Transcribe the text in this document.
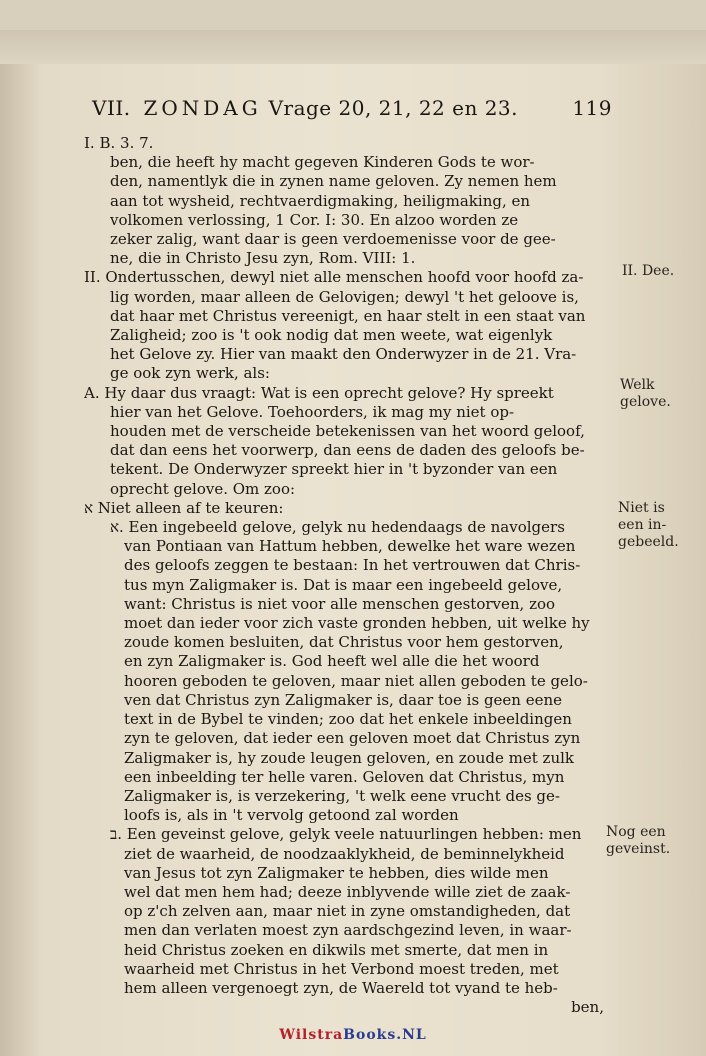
VII. ZONDAG Vrage 20, 21, 22 en 23.	119
I. B. 3. 7.
ben, die heeft hy macht gegeven Kinderen Gods te wor-
den, namentlyk die in zynen name geloven. Zy nemen hem
aan tot wysheid, rechtvaerdigmaking, heiligmaking, en
volkomen verlossing, 1 Cor. I: 30. En alzoo worden ze
zeker zalig, want daar is geen verdoemenisse voor de gee-
ne, die in Christo Jesu zyn, Rom. VIII: 1.
II. Ondertusschen, dewyl niet alle menschen hoofd voor hoofd za-
lig worden, maar alleen de Gelovigen; dewyl 't het geloove is,
dat haar met Christus vereenigt, en haar stelt in een staat van
Zaligheid; zoo is 't ook nodig dat men weete, wat eigenlyk
het Gelove zy. Hier van maakt den Onderwyzer in de 21. Vra-
ge ook zyn werk, als:
A. Hy daar dus vraagt: Wat is een oprecht gelove? Hy spreekt
hier van het Gelove. Toehoorders, ik mag my niet op-
houden met de verscheide betekenissen van het woord geloof,
dat dan eens het voorwerp, dan eens de daden des geloofs be-
tekent. De Onderwyzer spreekt hier in 't byzonder van een
oprecht gelove. Om zoo:
א Niet alleen af te keuren:
א. Een ingebeeld gelove, gelyk nu hedendaags de navolgers
van Pontiaan van Hattum hebben, dewelke het ware wezen
des geloofs zeggen te bestaan: In het vertrouwen dat Chris-
tus myn Zaligmaker is. Dat is maar een ingebeeld gelove,
want: Christus is niet voor alle menschen gestorven, zoo
moet dan ieder voor zich vaste gronden hebben, uit welke hy
zoude komen besluiten, dat Christus voor hem gestorven,
en zyn Zaligmaker is. God heeft wel alle die het woord
hooren geboden te geloven, maar niet allen geboden te gelo-
ven dat Christus zyn Zaligmaker is, daar toe is geen eene
text in de Bybel te vinden; zoo dat het enkele inbeeldingen
zyn te geloven, dat ieder een geloven moet dat Christus zyn
Zaligmaker is, hy zoude leugen geloven, en zoude met zulk
een inbeelding ter helle varen. Geloven dat Christus, myn
Zaligmaker is, is verzekering, 't welk eene vrucht des ge-
loofs is, als in 't vervolg getoond zal worden
ב. Een geveinst gelove, gelyk veele natuurlingen hebben: men
ziet de waarheid, de noodzaaklykheid, de beminnelykheid
van Jesus tot zyn Zaligmaker te hebben, dies wilde men
wel dat men hem had; deeze inblyvende wille ziet de zaak-
op z'ch zelven aan, maar niet in zyne omstandigheden, dat
men dan verlaten moest zyn aardschgezind leven, in waar-
heid Christus zoeken en dikwils met smerte, dat men in
waarheid met Christus in het Verbond moest treden, met
hem alleen vergenoegt zyn, de Waereld tot vyand te heb-
ben,
II. Dee.
Welk
gelove.
Niet is
een in-
gebeeld.
Nog een
geveinst.
WilstraBooks.NL
